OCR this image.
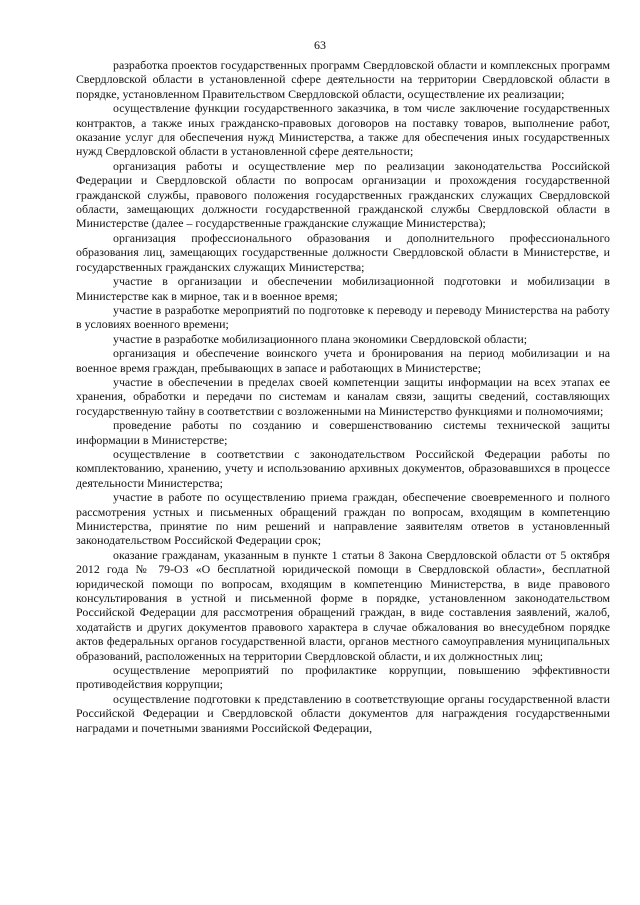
63

разработка проектов государственных программ Свердловской области и комплексных программ Свердловской области в установленной сфере деятельности на территории Свердловской области в порядке, установленном Правительством Свердловской области, осуществление их реализации;

осуществление функции государственного заказчика, в том числе заключение государственных контрактов, а также иных гражданско-правовых договоров на поставку товаров, выполнение работ, оказание услуг для обеспечения нужд Министерства, а также для обеспечения иных государственных нужд Свердловской области в установленной сфере деятельности;

организация работы и осуществление мер по реализации законодательства Российской Федерации и Свердловской области по вопросам организации и прохождения государственной гражданской службы, правового положения государственных гражданских служащих Свердловской области, замещающих должности государственной гражданской службы Свердловской области в Министерстве (далее – государственные гражданские служащие Министерства);

организация профессионального образования и дополнительного профессионального образования лиц, замещающих государственные должности Свердловской области в Министерстве, и государственных гражданских служащих Министерства;

участие в организации и обеспечении мобилизационной подготовки и мобилизации в Министерстве как в мирное, так и в военное время;

участие в разработке мероприятий по подготовке к переводу и переводу Министерства на работу в условиях военного времени;

участие в разработке мобилизационного плана экономики Свердловской области;

организация и обеспечение воинского учета и бронирования на период мобилизации и на военное время граждан, пребывающих в запасе и работающих в Министерстве;

участие в обеспечении в пределах своей компетенции защиты информации на всех этапах ее хранения, обработки и передачи по системам и каналам связи, защиты сведений, составляющих государственную тайну в соответствии с возложенными на Министерство функциями и полномочиями;

проведение работы по созданию и совершенствованию системы технической защиты информации в Министерстве;

осуществление в соответствии с законодательством Российской Федерации работы по комплектованию, хранению, учету и использованию архивных документов, образовавшихся в процессе деятельности Министерства;

участие в работе по осуществлению приема граждан, обеспечение своевременного и полного рассмотрения устных и письменных обращений граждан по вопросам, входящим в компетенцию Министерства, принятие по ним решений и направление заявителям ответов в установленный законодательством Российской Федерации срок;

оказание гражданам, указанным в пункте 1 статьи 8 Закона Свердловской области от 5 октября 2012 года № 79-ОЗ «О бесплатной юридической помощи в Свердловской области», бесплатной юридической помощи по вопросам, входящим в компетенцию Министерства, в виде правового консультирования в устной и письменной форме в порядке, установленном законодательством Российской Федерации для рассмотрения обращений граждан, в виде составления заявлений, жалоб, ходатайств и других документов правового характера в случае обжалования во внесудебном порядке актов федеральных органов государственной власти, органов местного самоуправления муниципальных образований, расположенных на территории Свердловской области, и их должностных лиц;

осуществление мероприятий по профилактике коррупции, повышению эффективности противодействия коррупции;

осуществление подготовки к представлению в соответствующие органы государственной власти Российской Федерации и Свердловской области документов для награждения государственными наградами и почетными званиями Российской Федерации,
